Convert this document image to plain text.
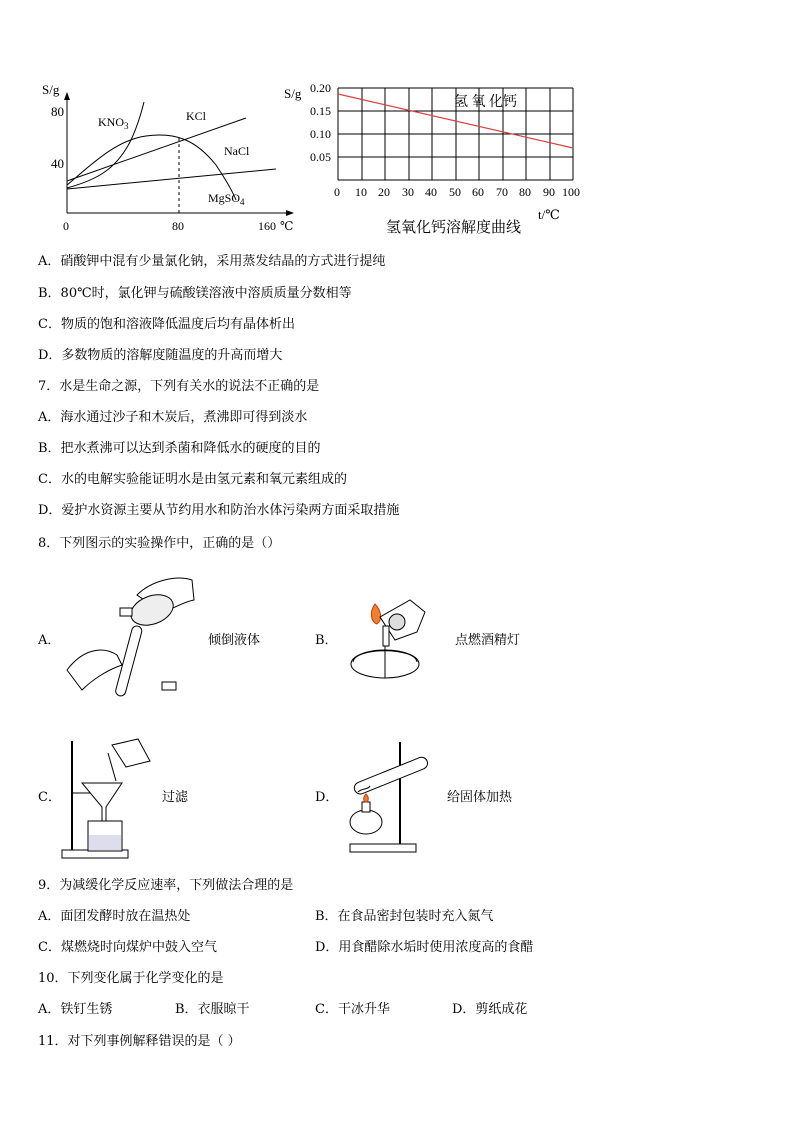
S/g
80
40
0	80	160 ℃
$KNO_3$
KCl
NaCl
MgSO$_4$
S/g 0.20
0.15
0.10
0.05
0 10 20 30 40 50 60 70 80 90 100
t/℃
氢氧化钙溶解度曲线
氢 氧 化钙
A．硝酸钾中混有少量氯化钠，采用蒸发结晶的方式进行提纯
B．80℃时，氯化钾与硫酸镁溶液中溶质质量分数相等
C．物质的饱和溶液降低温度后均有晶体析出
D．多数物质的溶解度随温度的升高而增大
7．水是生命之源，下列有关水的说法不正确的是
A．海水通过沙子和木炭后，煮沸即可得到淡水
B．把水煮沸可以达到杀菌和降低水的硬度的目的
C．水的电解实验能证明水是由氢元素和氧元素组成的
D．爱护水资源主要从节约用水和防治水体污染两方面采取措施
8．下列图示的实验操作中，正确的是（）
A．	倾倒液体	B．	点燃酒精灯
C．	过滤	D．	给固体加热
9．为减缓化学反应速率，下列做法合理的是
A．面团发酵时放在温热处	B．在食品密封包装时充入氮气
C．煤燃烧时向煤炉中鼓入空气	D．用食醋除水垢时使用浓度高的食醋
10．下列变化属于化学变化的是
A．铁钉生锈	B．衣服晾干	C．干冰升华	D．剪纸成花
11．对下列事例解释错误的是（ ）
